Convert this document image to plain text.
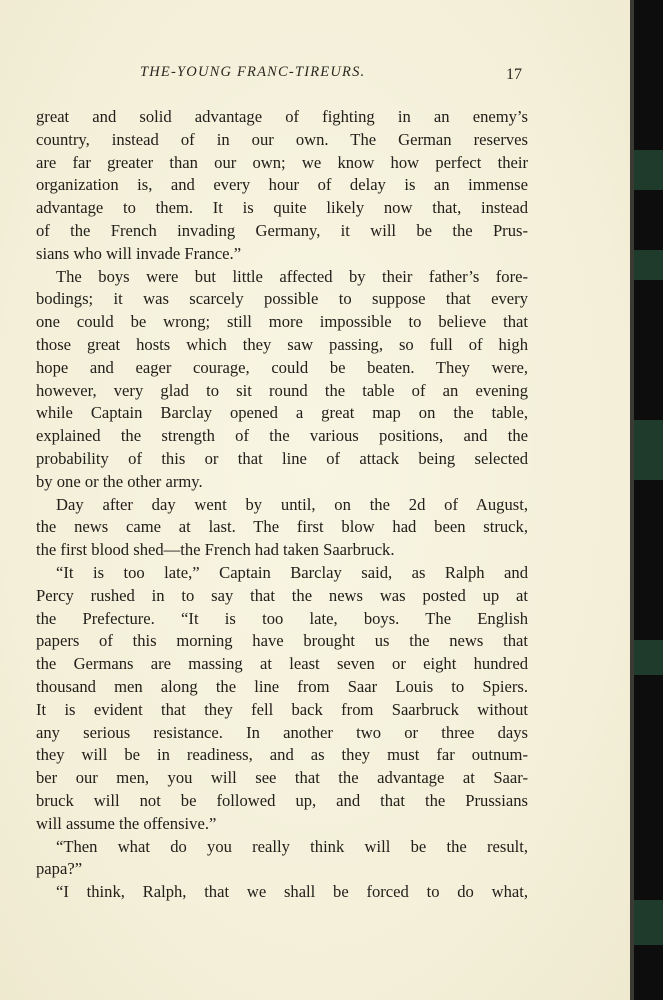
THE-YOUNG FRANC-TIREURS.	17
great and solid advantage of fighting in an enemy’s
country, instead of in our own. The German reserves
are far greater than our own; we know how perfect their
organization is, and every hour of delay is an immense
advantage to them. It is quite likely now that, instead
of the French invading Germany, it will be the Prus-
sians who will invade France.”
The boys were but little affected by their father’s fore-
bodings; it was scarcely possible to suppose that every
one could be wrong; still more impossible to believe that
those great hosts which they saw passing, so full of high
hope and eager courage, could be beaten. They were,
however, very glad to sit round the table of an evening
while Captain Barclay opened a great map on the table,
explained the strength of the various positions, and the
probability of this or that line of attack being selected
by one or the other army.
Day after day went by until, on the 2d of August,
the news came at last. The first blow had been struck,
the first blood shed—the French had taken Saarbruck.
“It is too late,” Captain Barclay said, as Ralph and
Percy rushed in to say that the news was posted up at
the Prefecture. “It is too late, boys. The English
papers of this morning have brought us the news that
the Germans are massing at least seven or eight hundred
thousand men along the line from Saar Louis to Spiers.
It is evident that they fell back from Saarbruck without
any serious resistance. In another two or three days
they will be in readiness, and as they must far outnum-
ber our men, you will see that the advantage at Saar-
bruck will not be followed up, and that the Prussians
will assume the offensive.”
“Then what do you really think will be the result,
papa?”
“I think, Ralph, that we shall be forced to do what,
